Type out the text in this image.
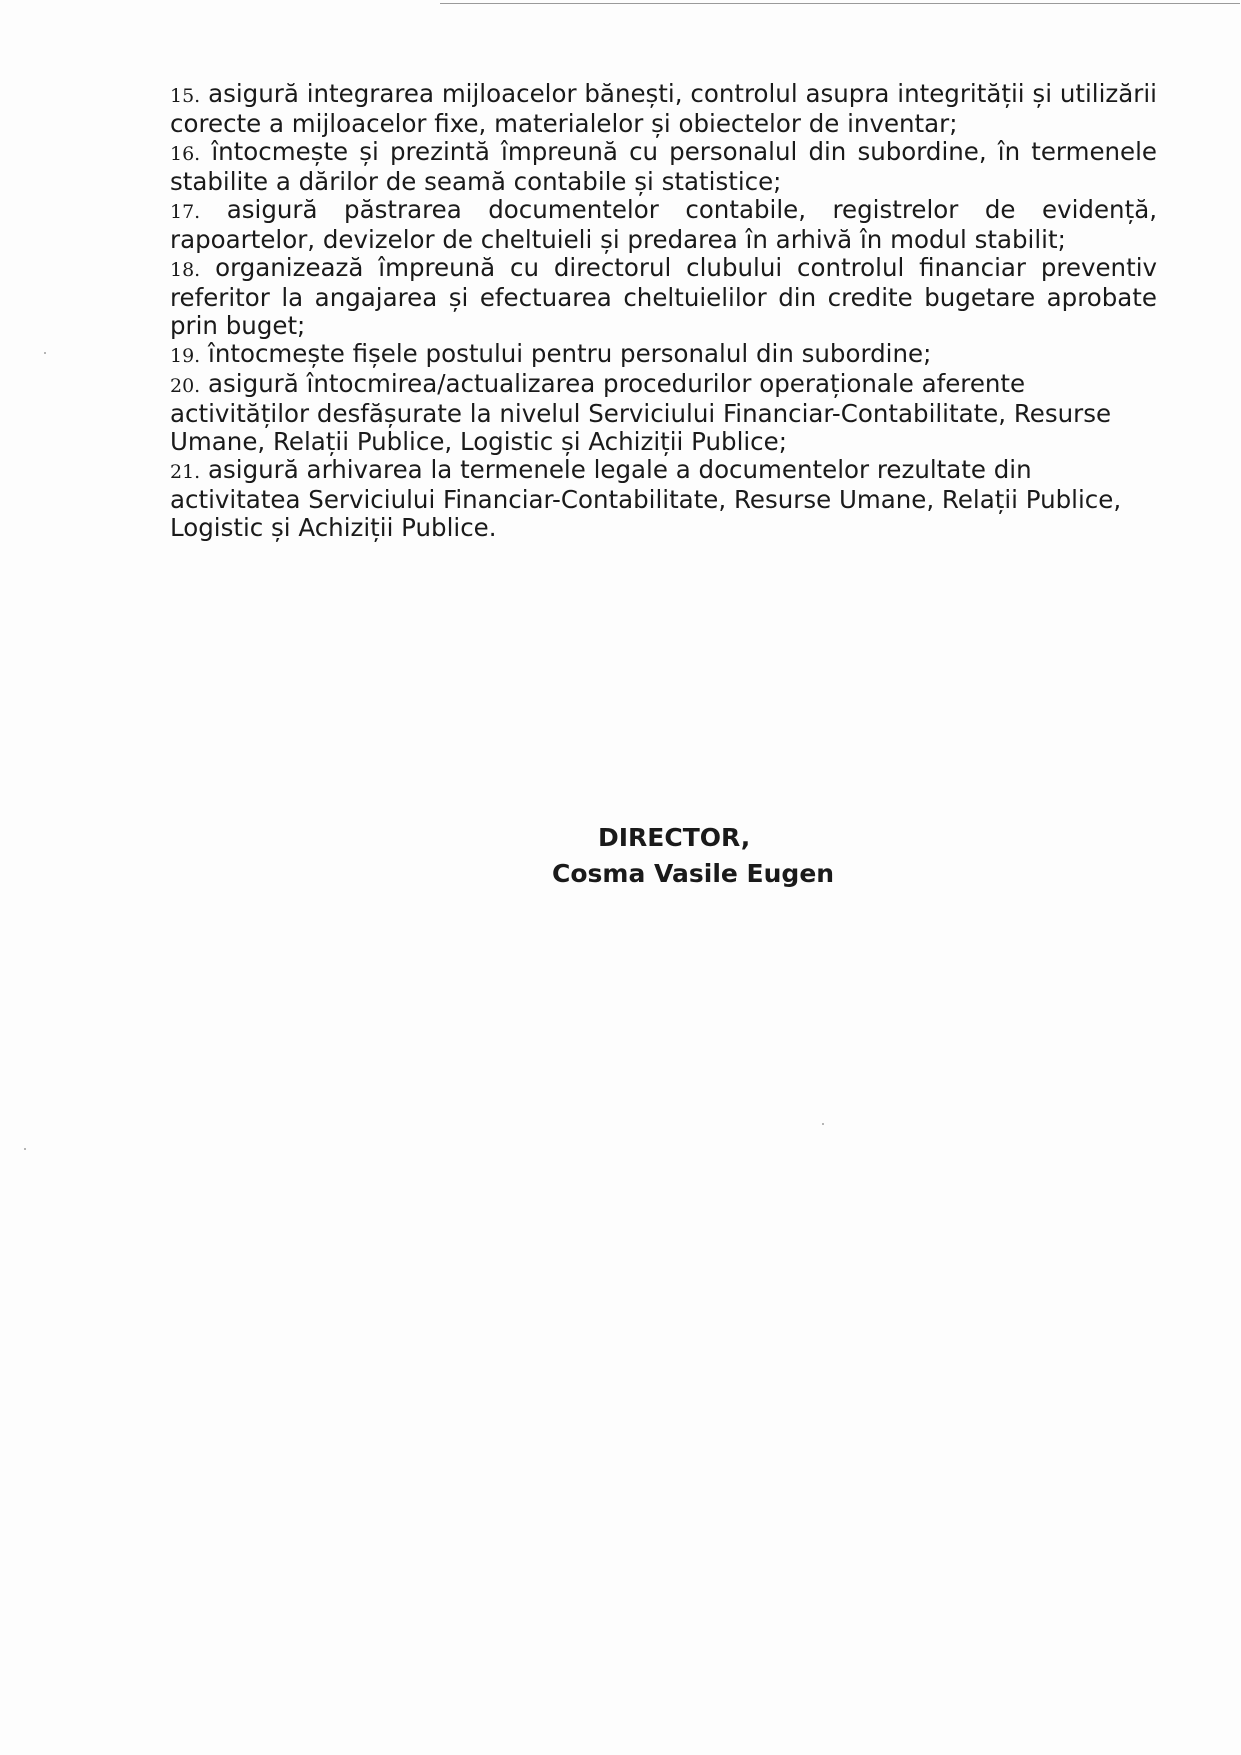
15. asigură integrarea mijloacelor bănești, controlul asupra integrității și utilizării corecte a mijloacelor fixe, materialelor și obiectelor de inventar;

16. întocmește și prezintă împreună cu personalul din subordine, în termenele stabilite a dărilor de seamă contabile și statistice;

17. asigură păstrarea documentelor contabile, registrelor de evidență, rapoartelor, devizelor de cheltuieli și predarea în arhivă în modul stabilit;

18. organizează împreună cu directorul clubului controlul financiar preventiv referitor la angajarea și efectuarea cheltuielilor din credite bugetare aprobate prin buget;

19. întocmește fișele postului pentru personalul din subordine;

20. asigură întocmirea/actualizarea procedurilor operaționale aferente activităților desfășurate la nivelul Serviciului Financiar-Contabilitate, Resurse Umane, Relații Publice, Logistic și Achiziții Publice;

21. asigură arhivarea la termenele legale a documentelor rezultate din activitatea Serviciului Financiar-Contabilitate, Resurse Umane, Relații Publice, Logistic și Achiziții Publice.

DIRECTOR,
Cosma Vasile Eugen
